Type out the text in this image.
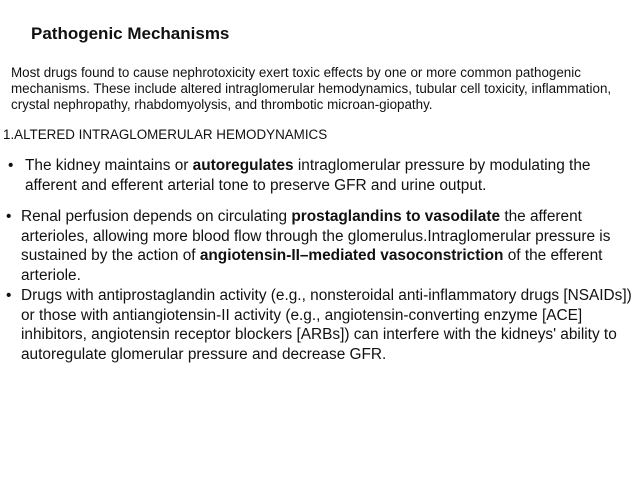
Pathogenic Mechanisms
Most drugs found to cause nephrotoxicity exert toxic effects by one or more common pathogenic mechanisms. These include altered intraglomerular hemodynamics, tubular cell toxicity, inflammation, crystal nephropathy, rhabdomyolysis, and thrombotic microan-giopathy.
1.ALTERED INTRAGLOMERULAR HEMODYNAMICS
• The kidney maintains or autoregulates intraglomerular pressure by modulating the afferent and efferent arterial tone to preserve GFR and urine output.
• Renal perfusion depends on circulating prostaglandins to vasodilate the afferent arterioles, allowing more blood flow through the glomerulus.Intraglomerular pressure is sustained by the action of angiotensin-II–mediated vasoconstriction of the efferent arteriole.
• Drugs with antiprostaglandin activity (e.g., nonsteroidal anti-inflammatory drugs [NSAIDs]) or those with antiangiotensin-II activity (e.g., angiotensin-converting enzyme [ACE] inhibitors, angiotensin receptor blockers [ARBs]) can interfere with the kidneys' ability to autoregulate glomerular pressure and decrease GFR.
